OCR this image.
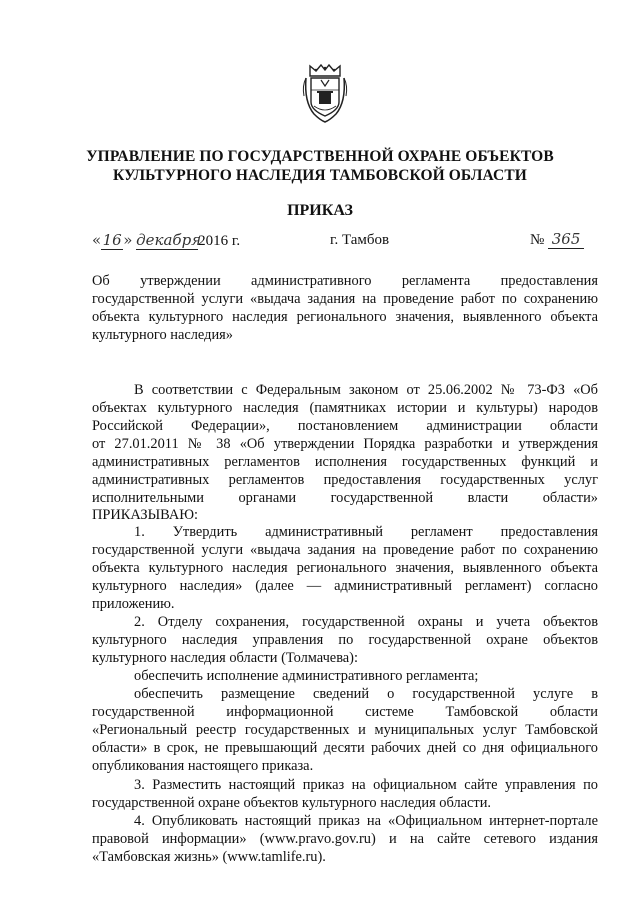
УПРАВЛЕНИЕ ПО ГОСУДАРСТВЕННОЙ ОХРАНЕ ОБЪЕКТОВ
КУЛЬТУРНОГО НАСЛЕДИЯ ТАМБОВСКОЙ ОБЛАСТИ
ПРИКАЗ
«16» декабря2016 г.	г. Тамбов	№ 365
Об утверждении административного регламента предоставления
государственной услуги «выдача задания на проведение работ по сохранению
объекта культурного наследия регионального значения, выявленного объекта
культурного наследия»
В соответствии с Федеральным законом от 25.06.2002 № 73-ФЗ «Об
объектах культурного наследия (памятниках истории и культуры) народов
Российской Федерации», постановлением администрации области
от 27.01.2011 № 38 «Об утверждении Порядка разработки и утверждения
административных регламентов исполнения государственных функций и
административных регламентов предоставления государственных услуг
исполнительными органами государственной власти области»
ПРИКАЗЫВАЮ:
1. Утвердить административный регламент предоставления
государственной услуги «выдача задания на проведение работ по сохранению
объекта культурного наследия регионального значения, выявленного объекта
культурного наследия» (далее — административный регламент) согласно
приложению.
2. Отделу сохранения, государственной охраны и учета объектов
культурного наследия управления по государственной охране объектов
культурного наследия области (Толмачева):
обеспечить исполнение административного регламента;
обеспечить размещение сведений о государственной услуге в
государственной информационной системе Тамбовской области
«Региональный реестр государственных и муниципальных услуг Тамбовской
области» в срок, не превышающий десяти рабочих дней со дня официального
опубликования настоящего приказа.
3. Разместить настоящий приказ на официальном сайте управления по
государственной охране объектов культурного наследия области.
4. Опубликовать настоящий приказ на «Официальном интернет-портале
правовой информации» (www.pravo.gov.ru) и на сайте сетевого издания
«Тамбовская жизнь» (www.tamlife.ru).
